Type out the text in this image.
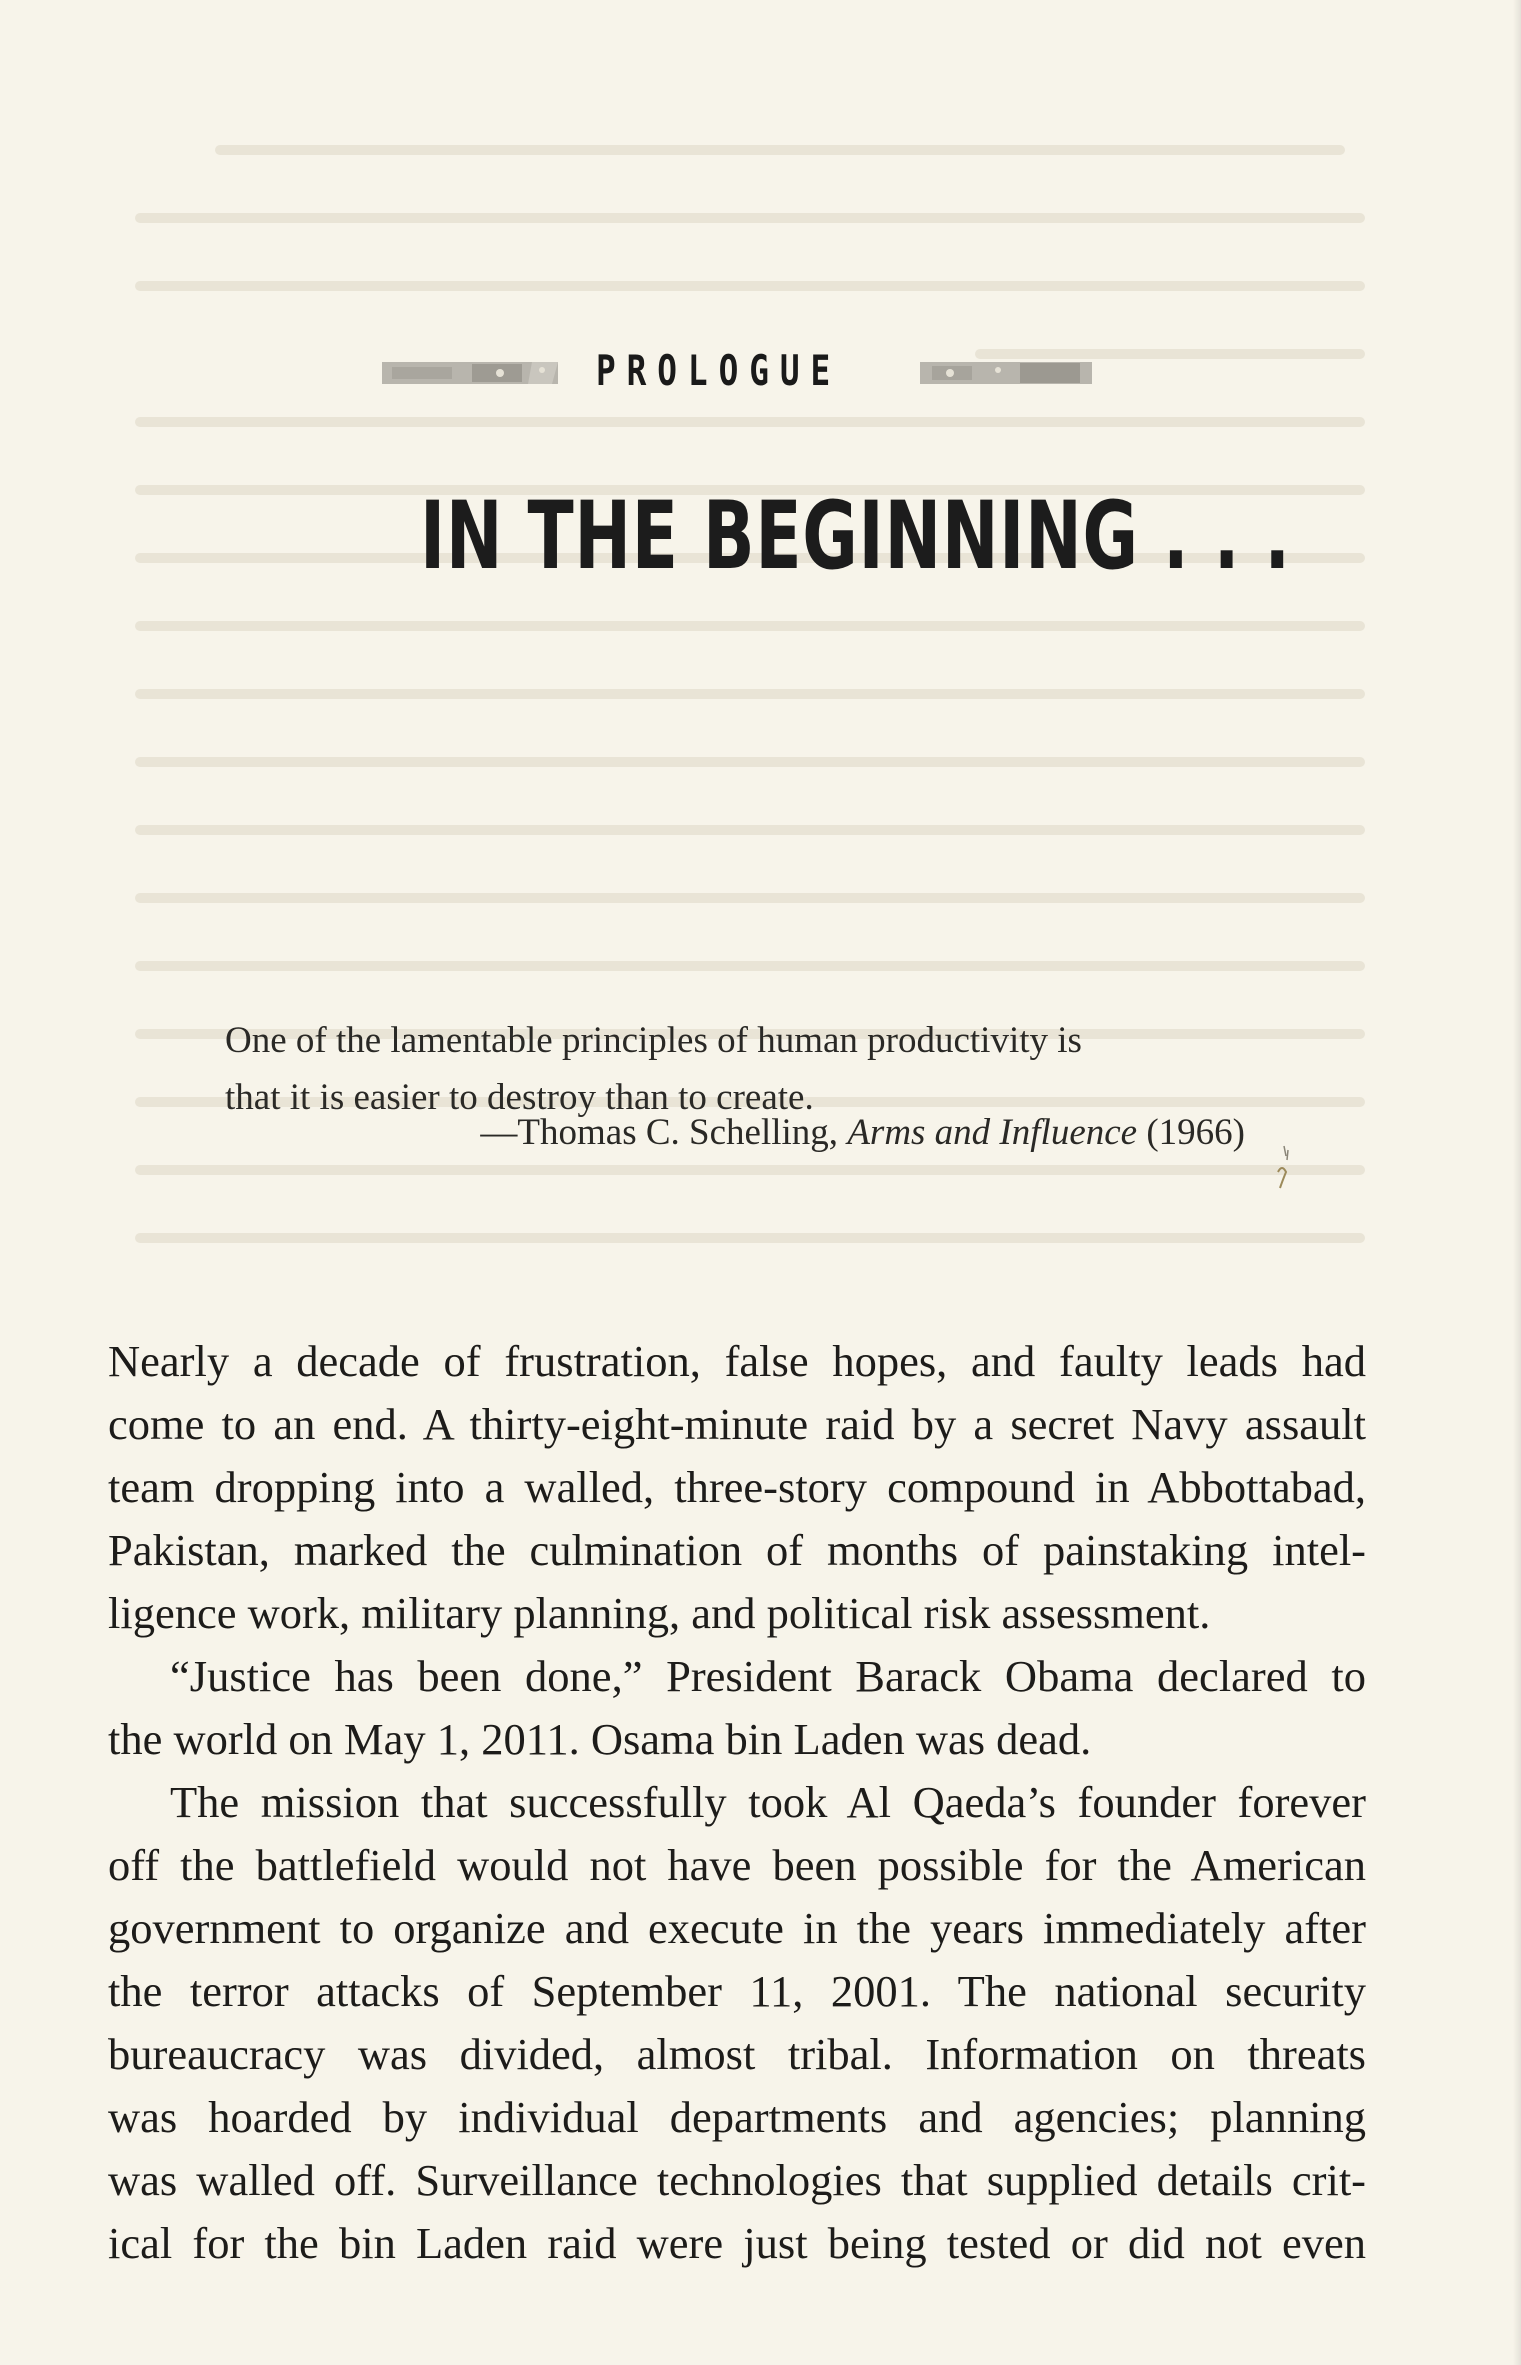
PROLOGUE
IN THE BEGINNING . . .

One of the lamentable principles of human productivity is

that it is easier to destroy than to create.

—Thomas C. Schelling, Arms and Influence (1966)
Nearly a decade of frustration, false hopes, and faulty leads had
come to an end. A thirty-eight-minute raid by a secret Navy assault
team dropping into a walled, three-story compound in Abbottabad,
Pakistan, marked the culmination of months of painstaking intel-
ligence work, military planning, and political risk assessment.
“Justice has been done,” President Barack Obama declared to
the world on May 1, 2011. Osama bin Laden was dead.
The mission that successfully took Al Qaeda’s founder forever
off the battlefield would not have been possible for the American
government to organize and execute in the years immediately after
the terror attacks of September 11, 2001. The national security
bureaucracy was divided, almost tribal. Information on threats
was hoarded by individual departments and agencies; planning
was walled off. Surveillance technologies that supplied details crit-
ical for the bin Laden raid were just being tested or did not even
